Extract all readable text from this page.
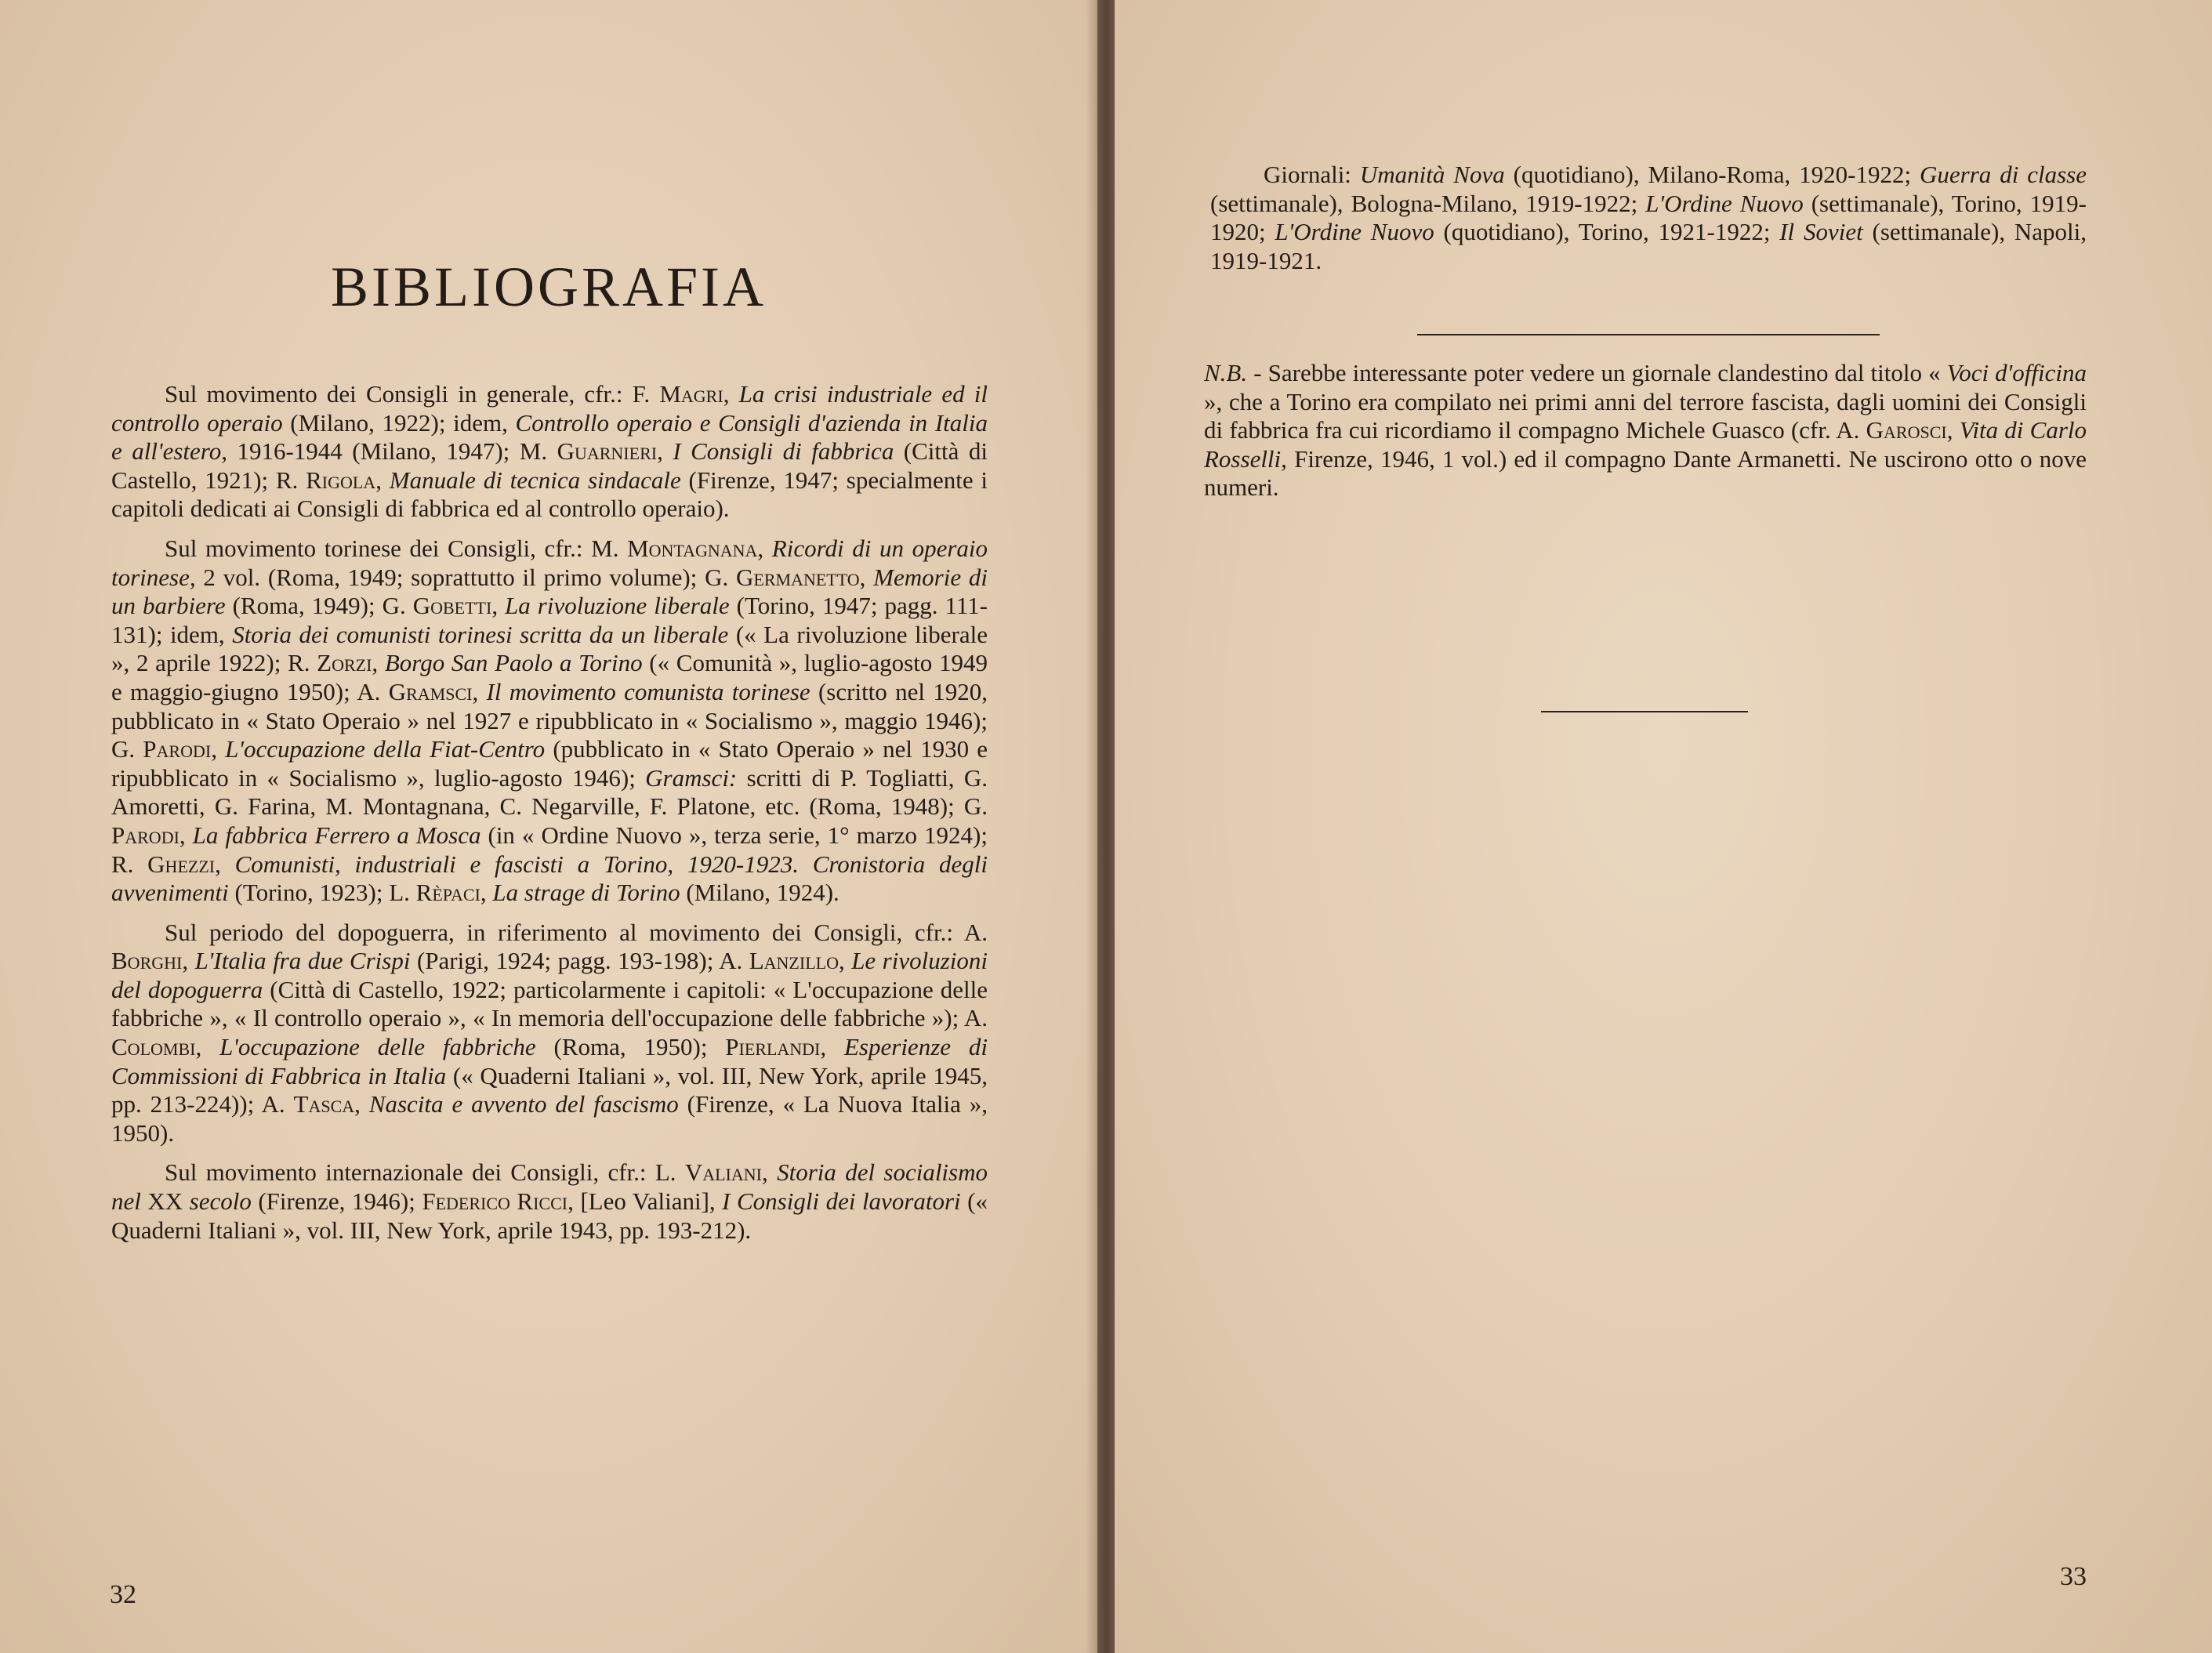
BIBLIOGRAFIA

Sul movimento dei Consigli in generale, cfr.: F. Magri, La crisi industriale ed il controllo operaio (Milano, 1922); idem, Controllo operaio e Consigli d'azienda in Italia e all'estero, 1916-1944 (Milano, 1947); M. Guarnieri, I Consigli di fabbrica (Città di Castello, 1921); R. Rigola, Manuale di tecnica sindacale (Firenze, 1947; specialmente i capitoli dedicati ai Consigli di fabbrica ed al controllo operaio).

Sul movimento torinese dei Consigli, cfr.: M. Montagnana, Ricordi di un operaio torinese, 2 vol. (Roma, 1949; soprattutto il primo volume); G. Germanetto, Memorie di un barbiere (Roma, 1949); G. Gobetti, La rivoluzione liberale (Torino, 1947; pagg. 111-131); idem, Storia dei comunisti torinesi scritta da un liberale (« La rivoluzione liberale », 2 aprile 1922); R. Zorzi, Borgo San Paolo a Torino (« Comunità », luglio-agosto 1949 e maggio-giugno 1950); A. Gramsci, Il movimento comunista torinese (scritto nel 1920, pubblicato in « Stato Operaio » nel 1927 e ripubblicato in « Socialismo », maggio 1946); G. Parodi, L'occupazione della Fiat-Centro (pubblicato in « Stato Operaio » nel 1930 e ripubblicato in « Socialismo », luglio-agosto 1946); Gramsci: scritti di P. Togliatti, G. Amoretti, G. Farina, M. Montagnana, C. Negarville, F. Platone, etc. (Roma, 1948); G. Parodi, La fabbrica Ferrero a Mosca (in « Ordine Nuovo », terza serie, 1° marzo 1924); R. Ghezzi, Comunisti, industriali e fascisti a Torino, 1920-1923. Cronistoria degli avvenimenti (Torino, 1923); L. Rèpaci, La strage di Torino (Milano, 1924).

Sul periodo del dopoguerra, in riferimento al movimento dei Consigli, cfr.: A. Borghi, L'Italia fra due Crispi (Parigi, 1924; pagg. 193-198); A. Lanzillo, Le rivoluzioni del dopoguerra (Città di Castello, 1922; particolarmente i capitoli: « L'occupazione delle fabbriche », « Il controllo operaio », « In memoria dell'occupazione delle fabbriche »); A. Colombi, L'occupazione delle fabbriche (Roma, 1950); Pierlandi, Esperienze di Commissioni di Fabbrica in Italia (« Quaderni Italiani », vol. III, New York, aprile 1945, pp. 213-224)); A. Tasca, Nascita e avvento del fascismo (Firenze, « La Nuova Italia », 1950).

Sul movimento internazionale dei Consigli, cfr.: L. Valiani, Storia del socialismo nel XX secolo (Firenze, 1946); Federico Ricci, [Leo Valiani], I Consigli dei lavoratori (« Quaderni Italiani », vol. III, New York, aprile 1943, pp. 193-212).

32
33

Giornali: Umanità Nova (quotidiano), Milano-Roma, 1920-1922; Guerra di classe (settimanale), Bologna-Milano, 1919-1922; L'Ordine Nuovo (settimanale), Torino, 1919-1920; L'Ordine Nuovo (quotidiano), Torino, 1921-1922; Il Soviet (settimanale), Napoli, 1919-1921.

N.B. - Sarebbe interessante poter vedere un giornale clandestino dal titolo « Voci d'officina », che a Torino era compilato nei primi anni del terrore fascista, dagli uomini dei Consigli di fabbrica fra cui ricordiamo il compagno Michele Guasco (cfr. A. Garosci, Vita di Carlo Rosselli, Firenze, 1946, 1 vol.) ed il compagno Dante Armanetti. Ne uscirono otto o nove numeri.
